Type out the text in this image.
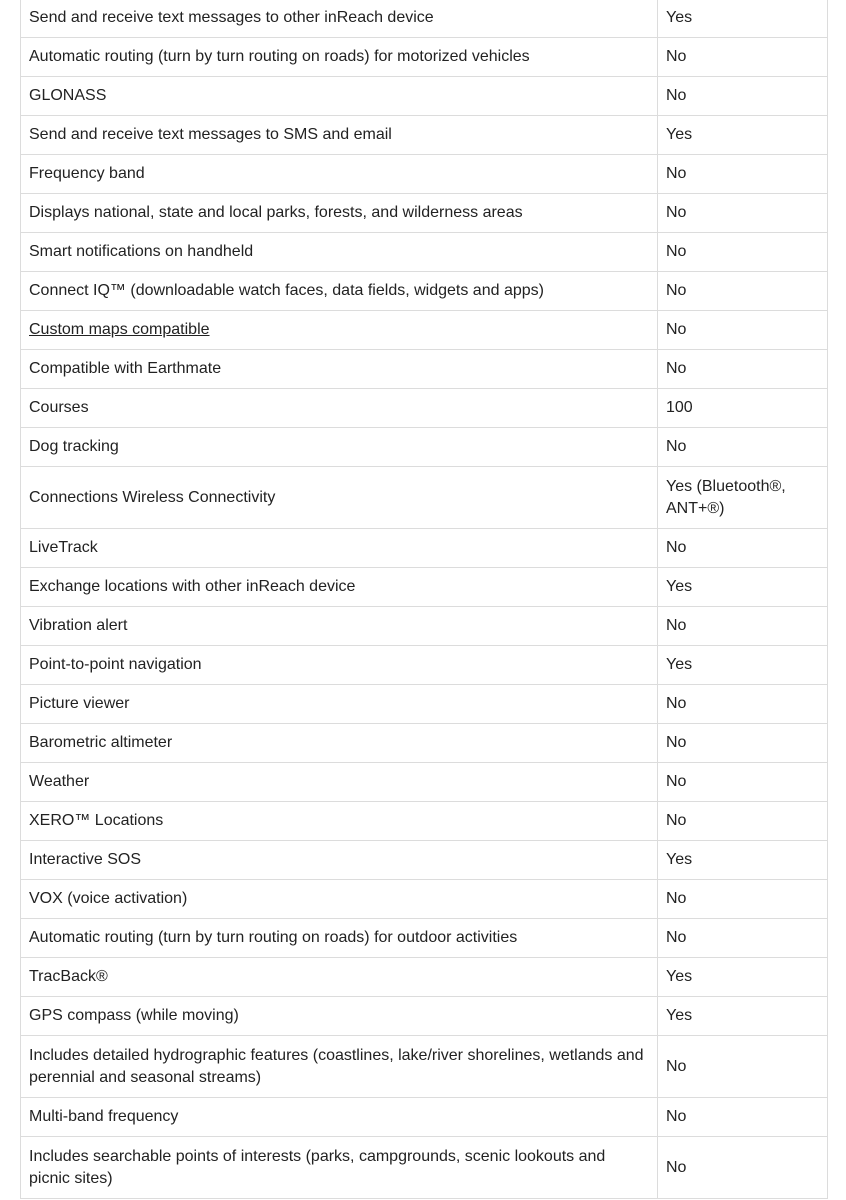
Send and receive text messages to other inReach device	Yes
Automatic routing (turn by turn routing on roads) for motorized vehicles	No
GLONASS	No
Send and receive text messages to SMS and email	Yes
Frequency band	No
Displays national, state and local parks, forests, and wilderness areas	No
Smart notifications on handheld	No
Connect IQ™ (downloadable watch faces, data fields, widgets and apps)	No
Custom maps compatible	No
Compatible with Earthmate	No
Courses	100
Dog tracking	No
Connections Wireless Connectivity	Yes (Bluetooth®, ANT+®)
LiveTrack	No
Exchange locations with other inReach device	Yes
Vibration alert	No
Point-to-point navigation	Yes
Picture viewer	No
Barometric altimeter	No
Weather	No
XERO™ Locations	No
Interactive SOS	Yes
VOX (voice activation)	No
Automatic routing (turn by turn routing on roads) for outdoor activities	No
TracBack®	Yes
GPS compass (while moving)	Yes
Includes detailed hydrographic features (coastlines, lake/river shorelines, wetlands and perennial and seasonal streams)	No
Multi-band frequency	No
Includes searchable points of interests (parks, campgrounds, scenic lookouts and picnic sites)	No
